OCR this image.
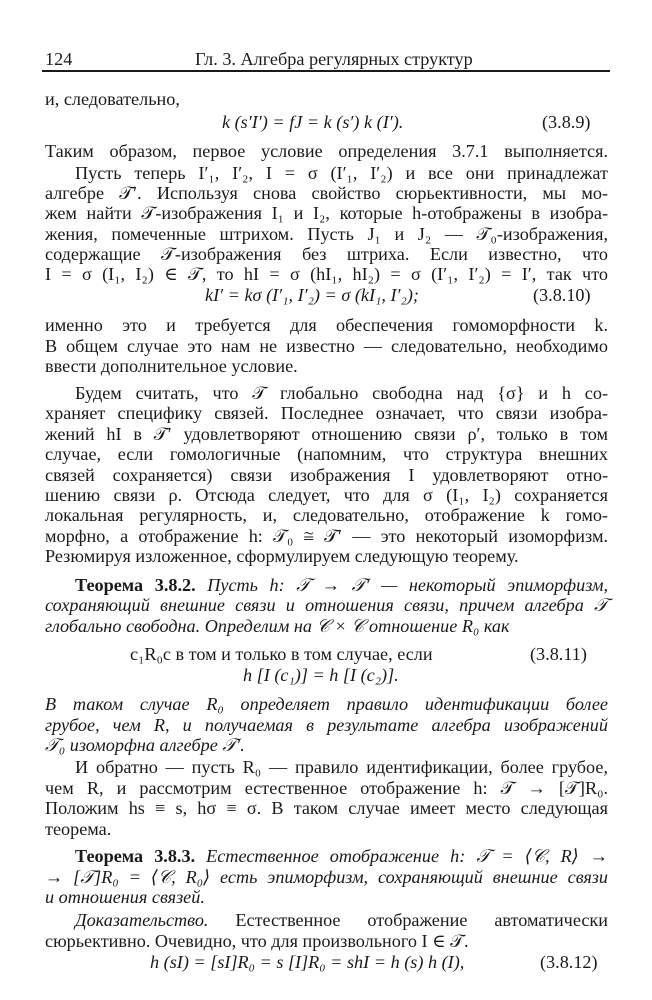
124	Гл. 3. Алгебра регулярных структур
и, следовательно,
k (s′I′) = fJ = k (s′) k (I′).	(3.8.9)
Таким образом, первое условие определения 3.7.1 выполняется.
Пусть теперь I′₁, I′₂, I = σ (I′₁, I′₂) и все они принадлежат
алгебре 𝒯′. Используя снова свойство сюрьективности, мы мо-
жем найти 𝒯-изображения I₁ и I₂, которые h-отображены в изобра-
жения, помеченные штрихом. Пусть J₁ и J₂ — 𝒯₀-изображения,
содержащие 𝒯-изображения без штриха. Если известно, что
I = σ (I₁, I₂) ∈ 𝒯, то hI = σ (hI₁, hI₂) = σ (I′₁, I′₂) = I′, так что
kI′ = kσ (I′₁, I′₂) = σ (kI₁, I′₂);	(3.8.10)
именно это и требуется для обеспечения гомоморфности k.
В общем случае это нам не известно — следовательно, необходимо
ввести дополнительное условие.
Будем считать, что 𝒯 глобально свободна над {σ} и h со-
храняет специфику связей. Последнее означает, что связи изобра-
жений hI в 𝒯′ удовлетворяют отношению связи ρ′, только в том
случае, если гомологичные (напомним, что структура внешних
связей сохраняется) связи изображения I удовлетворяют отно-
шению связи ρ. Отсюда следует, что для σ (I₁, I₂) сохраняется
локальная регулярность, и, следовательно, отображение k гомо-
морфно, а отображение h: 𝒯₀ ≅ 𝒯′ — это некоторый изоморфизм.
Резюмируя изложенное, сформулируем следующую теорему.
Теорема 3.8.2. Пусть h: 𝒯 → 𝒯′ — некоторый эпиморфизм,
сохраняющий внешние связи и отношения связи, причем алгебра 𝒯
глобально свободна. Определим на 𝒞 × 𝒞 отношение R₀ как
c₁R₀c в том и только в том случае, если	(3.8.11)
h [I (c₁)] = h [I (c₂)].
В таком случае R₀ определяет правило идентификации более
грубое, чем R, и получаемая в результате алгебра изображений
𝒯₀ изоморфна алгебре 𝒯′.
И обратно — пусть R₀ — правило идентификации, более грубое,
чем R, и рассмотрим естественное отображение h: 𝒯 → [𝒯]R₀.
Положим hs ≡ s, hσ ≡ σ. В таком случае имеет место следующая
теорема.
Теорема 3.8.3. Естественное отображение h: 𝒯 = ⟨𝒞, R⟩ →
→ [𝒯]R₀ = ⟨𝒞, R₀⟩ есть эпиморфизм, сохраняющий внешние связи
и отношения связей.
Доказательство. Естественное отображение автоматически
сюрьективно. Очевидно, что для произвольного I ∈ 𝒯.
h (sI) = [sI]R₀ = s [I]R₀ = shI = h (s) h (I),	(3.8.12)
